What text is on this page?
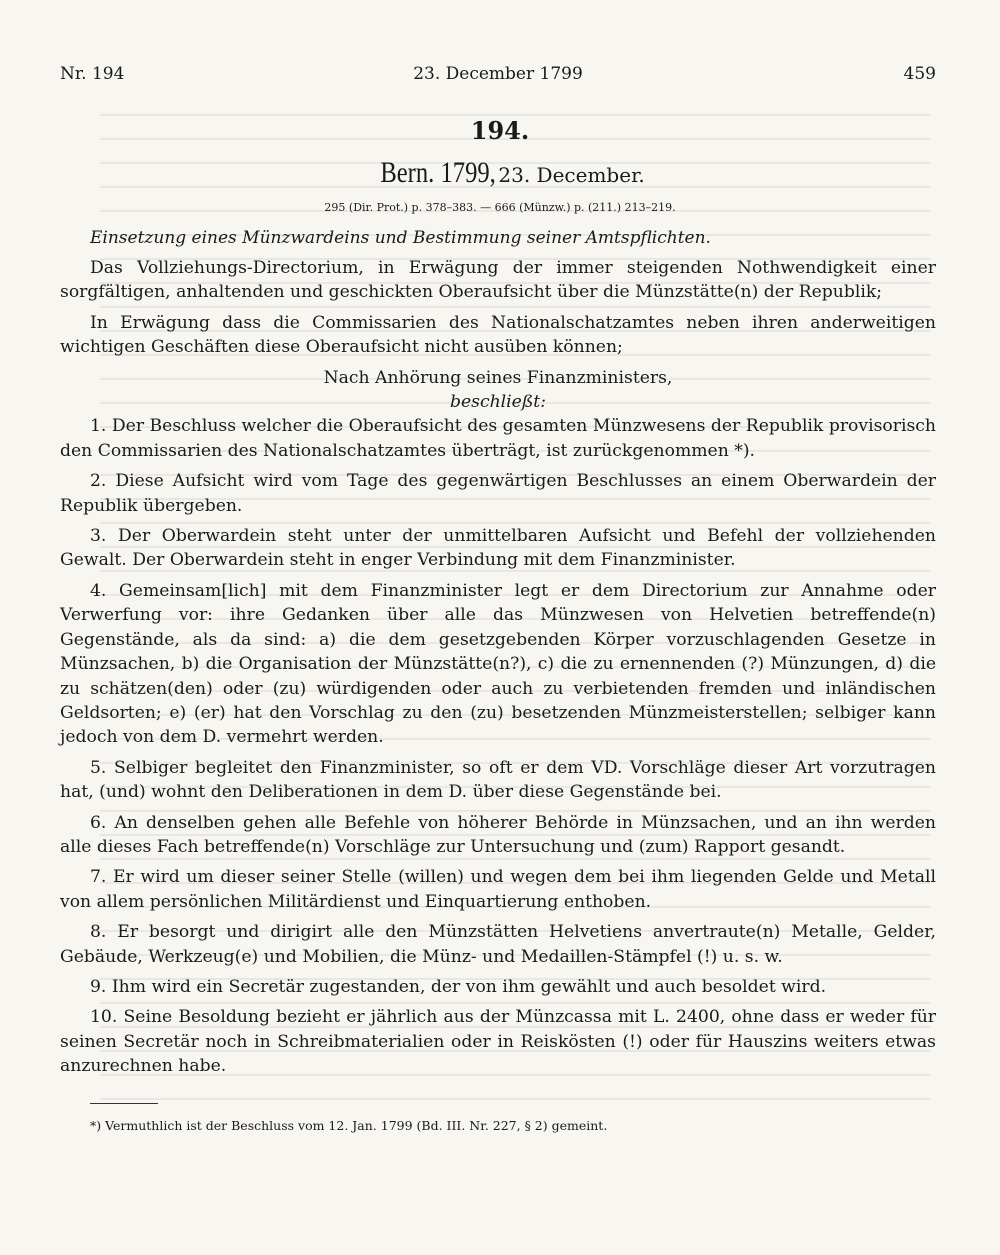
Nr. 194	23. December 1799	459
194.
Bern. 1799, 23. December.
295 (Dir. Prot.) p. 378–383. — 666 (Münzw.) p. (211.) 213–219.
Einsetzung eines Münzwardeins und Bestimmung seiner Amtspflichten.

Das Vollziehungs-Directorium, in Erwägung der immer steigenden Nothwendigkeit einer sorgfältigen, anhaltenden und geschickten Oberaufsicht über die Münzstätte(n) der Republik;

In Erwägung dass die Commissarien des Nationalschatzamtes neben ihren anderweitigen wichtigen Geschäften diese Oberaufsicht nicht ausüben können;

Nach Anhörung seines Finanzministers,

beschließt:

1. Der Beschluss welcher die Oberaufsicht des gesamten Münzwesens der Republik provisorisch den Commissarien des Nationalschatzamtes überträgt, ist zurückgenommen *).

2. Diese Aufsicht wird vom Tage des gegenwärtigen Beschlusses an einem Oberwardein der Republik übergeben.

3. Der Oberwardein steht unter der unmittelbaren Aufsicht und Befehl der vollziehenden Gewalt. Der Oberwardein steht in enger Verbindung mit dem Finanzminister.

4. Gemeinsam[lich] mit dem Finanzminister legt er dem Directorium zur Annahme oder Verwerfung vor: ihre Gedanken über alle das Münzwesen von Helvetien betreffende(n) Gegenstände, als da sind: a) die dem gesetzgebenden Körper vorzuschlagenden Gesetze in Münzsachen, b) die Organisation der Münzstätte(n?), c) die zu ernennenden (?) Münzungen, d) die zu schätzen(den) oder (zu) würdigenden oder auch zu verbietenden fremden und inländischen Geldsorten; e) (er) hat den Vorschlag zu den (zu) besetzenden Münzmeisterstellen; selbiger kann jedoch von dem D. vermehrt werden.

5. Selbiger begleitet den Finanzminister, so oft er dem VD. Vorschläge dieser Art vorzutragen hat, (und) wohnt den Deliberationen in dem D. über diese Gegenstände bei.

6. An denselben gehen alle Befehle von höherer Behörde in Münzsachen, und an ihn werden alle dieses Fach betreffende(n) Vorschläge zur Untersuchung und (zum) Rapport gesandt.

7. Er wird um dieser seiner Stelle (willen) und wegen dem bei ihm liegenden Gelde und Metall von allem persönlichen Militärdienst und Einquartierung enthoben.

8. Er besorgt und dirigirt alle den Münzstätten Helvetiens anvertraute(n) Metalle, Gelder, Gebäude, Werkzeug(e) und Mobilien, die Münz- und Medaillen-Stämpfel (!) u. s. w.

9. Ihm wird ein Secretär zugestanden, der von ihm gewählt und auch besoldet wird.

10. Seine Besoldung bezieht er jährlich aus der Münzcassa mit L. 2400, ohne dass er weder für seinen Secretär noch in Schreibmaterialien oder in Reiskösten (!) oder für Hauszins weiters etwas anzurechnen habe.

*) Vermuthlich ist der Beschluss vom 12. Jan. 1799 (Bd. III. Nr. 227, § 2) gemeint.
